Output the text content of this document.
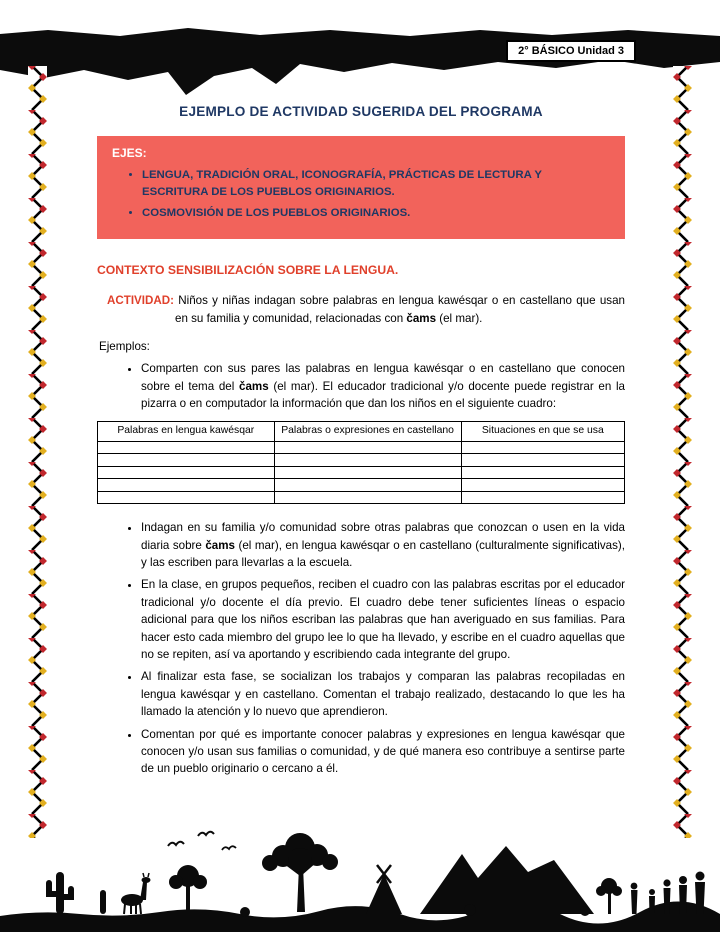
2° BÁSICO Unidad 3
EJEMPLO DE ACTIVIDAD SUGERIDA DEL PROGRAMA
EJES:
• LENGUA, TRADICIÓN ORAL, ICONOGRAFÍA, PRÁCTICAS DE LECTURA Y ESCRITURA DE LOS PUEBLOS ORIGINARIOS.
• COSMOVISIÓN DE LOS PUEBLOS ORIGINARIOS.
CONTEXTO SENSIBILIZACIÓN SOBRE LA LENGUA.

ACTIVIDAD: Niños y niñas indagan sobre palabras en lengua kawésqar o en castellano que usan en su familia y comunidad, relacionadas con čams (el mar).

Ejemplos:

• Comparten con sus pares las palabras en lengua kawésqar o en castellano que conocen sobre el tema del čams (el mar). El educador tradicional y/o docente puede registrar en la pizarra o en computador la información que dan los niños en el siguiente cuadro:
Palabras en lengua kawésqar	Palabras o expresiones en castellano	Situaciones en que se usa

• Indagan en su familia y/o comunidad sobre otras palabras que conozcan o usen en la vida diaria sobre čams (el mar), en lengua kawésqar o en castellano (culturalmente significativas), y las escriben para llevarlas a la escuela.
• En la clase, en grupos pequeños, reciben el cuadro con las palabras escritas por el educador tradicional y/o docente el día previo. El cuadro debe tener suficientes líneas o espacio adicional para que los niños escriban las palabras que han averiguado en sus familias. Para hacer esto cada miembro del grupo lee lo que ha llevado, y escribe en el cuadro aquellas que no se repiten, así va aportando y escribiendo cada integrante del grupo.
• Al finalizar esta fase, se socializan los trabajos y comparan las palabras recopiladas en lengua kawésqar y en castellano. Comentan el trabajo realizado, destacando lo que les ha llamado la atención y lo nuevo que aprendieron.
• Comentan por qué es importante conocer palabras y expresiones en lengua kawésqar que conocen y/o usan sus familias o comunidad, y de qué manera eso contribuye a sentirse parte de un pueblo originario o cercano a él.
